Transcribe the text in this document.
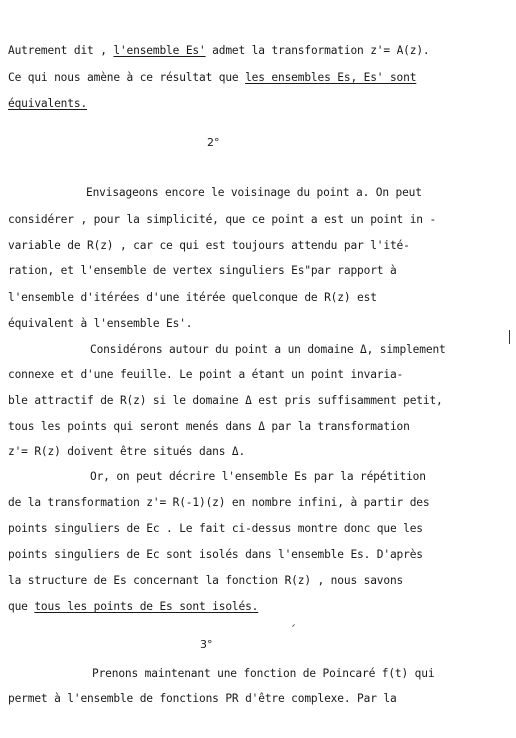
Autrement dit , l'ensemble Es' admet la transformation z'= A(z).
Ce qui nous amène à ce résultat que les ensembles Es, Es' sont
équivalents.
2°
Envisageons encore le voisinage du point a. On peut
considérer , pour la simplicité, que ce point a est un point in -
variable de R(z) , car ce qui est toujours attendu par l'ité-
ration, et l'ensemble de vertex singuliers Es"par rapport à
l'ensemble d'itérées d'une itérée quelconque de R(z) est
équivalent à l'ensemble Es'.
Considérons autour du point a un domaine Δ, simplement
connexe et d'une feuille. Le point a étant un point invaria-
ble attractif de R(z) si le domaine Δ est pris suffisamment petit,
tous les points qui seront menés dans Δ par la transformation
z'= R(z) doivent être situés dans Δ.
Or, on peut décrire l'ensemble Es par la répétition
de la transformation z'= R(-1)(z) en nombre infini, à partir des
points singuliers de Ec . Le fait ci-dessus montre donc que les
points singuliers de Ec sont isolés dans l'ensemble Es. D'après
la structure de Es concernant la fonction R(z) , nous savons
que tous les points de Es sont isolés.
3°
Prenons maintenant une fonction de Poincaré f(t) qui
permet à l'ensemble de fonctions PR d'être complexe. Par la
